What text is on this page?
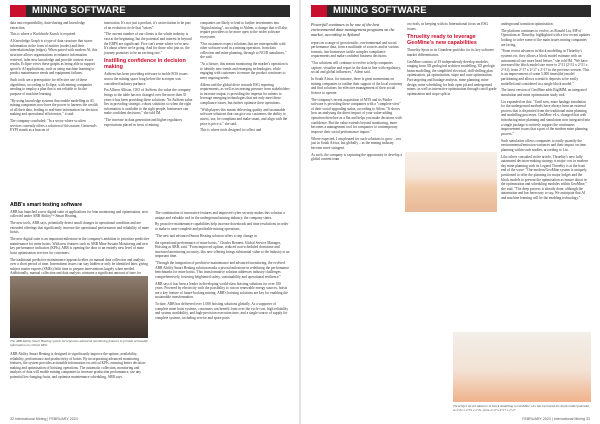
MINING SOFTWARE

data into responsibility, data-sharing and knowledge extraction.

This is where a Worldwide Knock is required.

A Knowledge Graph is a type of data structure that stores information in the form of entities (nodes) and their interrelationships (edges). When paired with modern AI, this structure allows organisations to enhance information retrieval, infer new knowledge and provide context-aware results. Eclipse views these graphs as being able to support specific AI applications, such as using machine learning to predict maintenance needs and equipment failures.

Such tools are a prerequisite for effective use of these algorithms, according to Eclipse, with mining companies needing to employ a plan that is not reliable to fix the purpose of machine learning.

"By using knowledge systems that enable modelling in AI, mining companies now have the power to harness the wealth of all their data, leading to real-time information for decision making and operational efficiencies," it said.

The company concluded: "In a sector where so often services currently offers a solution of this nature, Geotrend's EYPI stands as a beacon of

innovation. It's not just a product, it's an invitation to be part of an evolution circle that "seizes".

"The current number of our clients is the whole industry is vast at the beginning, but the potential and interest in beyond the EBPS are significant. Five can't sense where we're new. It's about where we're going. And for those who join us, the journey promises to be an exciting one."

Instilling confidence in decision making

AuSiem has been providing software to tackle EOS issues across the mining space long before the acronym was considered industry parlance.

Pat Allison Allison, CEO of AuSiem, the value the company brings to the table has not changed over the more than 35 years it has been providing these solutions: "In AuSiem value lies in providing strategic, robust solutions so when the right information is available to the right people, businesses can make confident decisions," she told IM.

"The increase in data generation and higher regulatory expectations placed in front of mining

companies are likely to lead to further investments into "digital mining", according to Ahlem, a change that will also require providers to be more open to the wider software ecosystem.

"Our customers expect solutions that are interoperable with other software used in a mining operation, from data collection and mine planning, through to NCID simulators," she said.

"At a fixture, this means monitoring the market's operation is to identify new trends and emerging technologies, while engaging with customers to ensure the product continues to meet ongoing needs.

Ahlem said the global drive towards ESG reporting requirements, as well as increasing pressure from stakeholders to increase output, is providing the impetus for miners to leverage emerging technologies that not only meet these compliance issues, but further optimise their operations.

"With players this means delivering quality and sustainable software solutions that can give our customers the ability to assess, use, be compliant and make smart, and align with the price is price it," she said.

This is where tools designed to collect and

ABB's smart testing software

ABB has launched a new digital suite of applications for lean monitoring and optimisation, now collected under ABB Ability™ Smart Heating.

The new tools, ABB says, potentially detect small changes in operational condition and are extended offerings that significantly increase the operational performance and reliability of mine hoists.

The new digital suite is an important milestone in the company's ambition to prioritise predictive maintenance for mine hoists. With new features such as ABB Mine Sustain Monitoring and new key performance indicators (KPIs), ABB is opening the door to an entirely new level of mine hoist optimisation services for customers.

The traditional predictive maintenance approach relies on manual data collection and analysis over a short period of time. Intermittent issues can stay hidden or only be identified later, giving subject matter experts (SMEs) little time to prepare interventions largely when needed. Additionally, manual collection and data analysis consume a significant amount of time for

The ABB Ability Smart Heating system incorporates advanced monitoring features to provide actionable information on critical KPIs

ABB Ability Smart Heating is designed to significantly improve the uptime, availability, reliability, performance and productivity of hoists. By incorporating advanced monitoring features, the system provides actionable information on critical KPIs, ensuring better decision-making and optimisation of hoisting operations. The automatic collection, monitoring and analysis of data will enable mining companies to increase production performance, use any potential low-hanging fruits, and optimise maintenance scheduling, ABB says.

The combination of innovative features and improved cyber security makes this solution a unique and valuable tool in the underground mining industry, the company states.

By proactive maintenance capabilities help increase downloads and time resolutions in order to make to near-complete and profitable mining operations.

"The new and advanced Smart Heating solution offers a step change in

the operational performance of mine hoists," Charles Bennett, Global Service Manager, Hoisting at ABB, said. "From improved uptime, reduced non-scheduled downtime and increased monitoring accuracy, this new offering brings substantial value to the industry at an important time.

"Through the integration of predictive maintenance and advanced monitoring, the evolved ABB Ability Smart Heating solution marks a pivotal milestone in redefining the performance benchmarks for mine hoists. This transformative solution addresses industry challenges comprehensively, fostering heightened safety, sustainability and operational resilience."

ABB says it has been a leader in developing world-class hoisting solutions for over 100 years. Powered by electricity with the possibility to run on renewable energy sources, hoists are a key feature of future-looking mining. ABB's hoisting solutions are key for enabling the sustainable transformation.

To date, ABB has delivered over 1,000 hoisting solutions globally. As a supporter of complete mine hoist systems, customers can benefit from over the cycle cost, high reliability and system availability, and high-precision execution time, and a single source of supply for complete systems, including service and spare parts.

32 International Mining | FEBRUARY 2024
MINING SOFTWARE
Powerfull continues to be one of the best environmental data management programs on the market, according to Ayiland

report on a range of geoscientific, environmental and social performance data, from a multitude of sources and in various formats, into businesses tackle complex compliance requirements and make confident business decisions.

"Our solutions will continue to evolve to help companies capture, visualise and report in the data in line with regulatory, social and global influences," Atlem said.

In South Africa, for instance, there is great momentum on mining companies to outline their support of the local economy and find solutions for effective management of their social licence to operate.

The company's recent acquisition of MTS and its Finder software is providing these companies with a "complete view" of their social upgrading status, according to Atlem. "It shows how an analysing the direct impact of your value-adding operation therefore as a flat and helps you make decisions with confidence. But the value extends beyond monitoring, more becomes a management tool for companies to contemporary improve their social performance impact."

Where expected, I am pleased for such solutions to grow – not just in South Africa, but globally – as the mining industry become more stringent.

As such, the company is capturing the opportunity to develop a global content team

on rivals, in keeping with its International focus on ESG issues.

Thruelity ready to leverage GeoMine's new capabilities

Thruelity Spots in its Grandeur portfolio for its key software market differentiators.

GeoMine consists of 19 independently develop modules, ranging from 3D geological architect modelling, 3D geologic beam modelling, the simplified electrical, drill-drilling plan optimisation, pit optimisation, stope and cone optimisation, Part targeting and haulage analysis, mine planning, mine design, mine scheduling for both open pit and underground mines, as well as interactive optimisation through cutoff grade optimisation and stope split in

underground transition optimisation.

The platform continues to evolve, as Ronald Liu, MP of Operations at Thruelity, highlighted with a few recent updates looking to solve some of the main issues mining companies are facing.

"From recent advances in block modelling in Thruelity's systems etc, they allows a block model estimate with an astronomical size more head before," she told IM. "We have increased the block model size more to 2^31 (2^31 x 2^31 x 2^31), from 2^17 x 2^17 x 2^17 in the previous version. This is an improvement of some 5,000 times(the) model partitioning and allows scientific deposits to be easily modelled and considered in a single block model."

The latest version of GeoMine adds BigIMM, an integrated simulation and mine optimisation study tool.

Liu expanded on this: "Until now, mine haulage simulation for the underground methods have always been an external process that is disjointed from the traditional mine planning and modelling processes. GeoMine v4.x, changed that with introducing mine planning and simulation now integrated into a single package to natively support the continuous improvement issues that a part of the modern mine planning process."

Such simulation allows companies to easily quantify the environmental/emission variances and their impact on time planning within such studies, according to Liu.

Like others consulted in the article, Thruelity's new fully automated decision-making strategy is major cost in modern day mine planning with its Legend Thruelity is at the front end of the wave. "Our modern/GeoMine system is uniquely positioned to offer the planning for major lodges and the block models to prevent the optimisation as ensure about in the optimisation and scheduling modules within GeoMine," she said. "The deep process is already done, although the automation and has been easy to say. We anticipate that AI and machine learning will be the enabling technology."

Thruelity's recent advance in block modelling in GeoMine v4.x has increased the block model potential to 2^31 x 2^31 x 2^31, from 2^17 x 2^17 x 2^17
FEBRUARY 2024 | International Mining 33
